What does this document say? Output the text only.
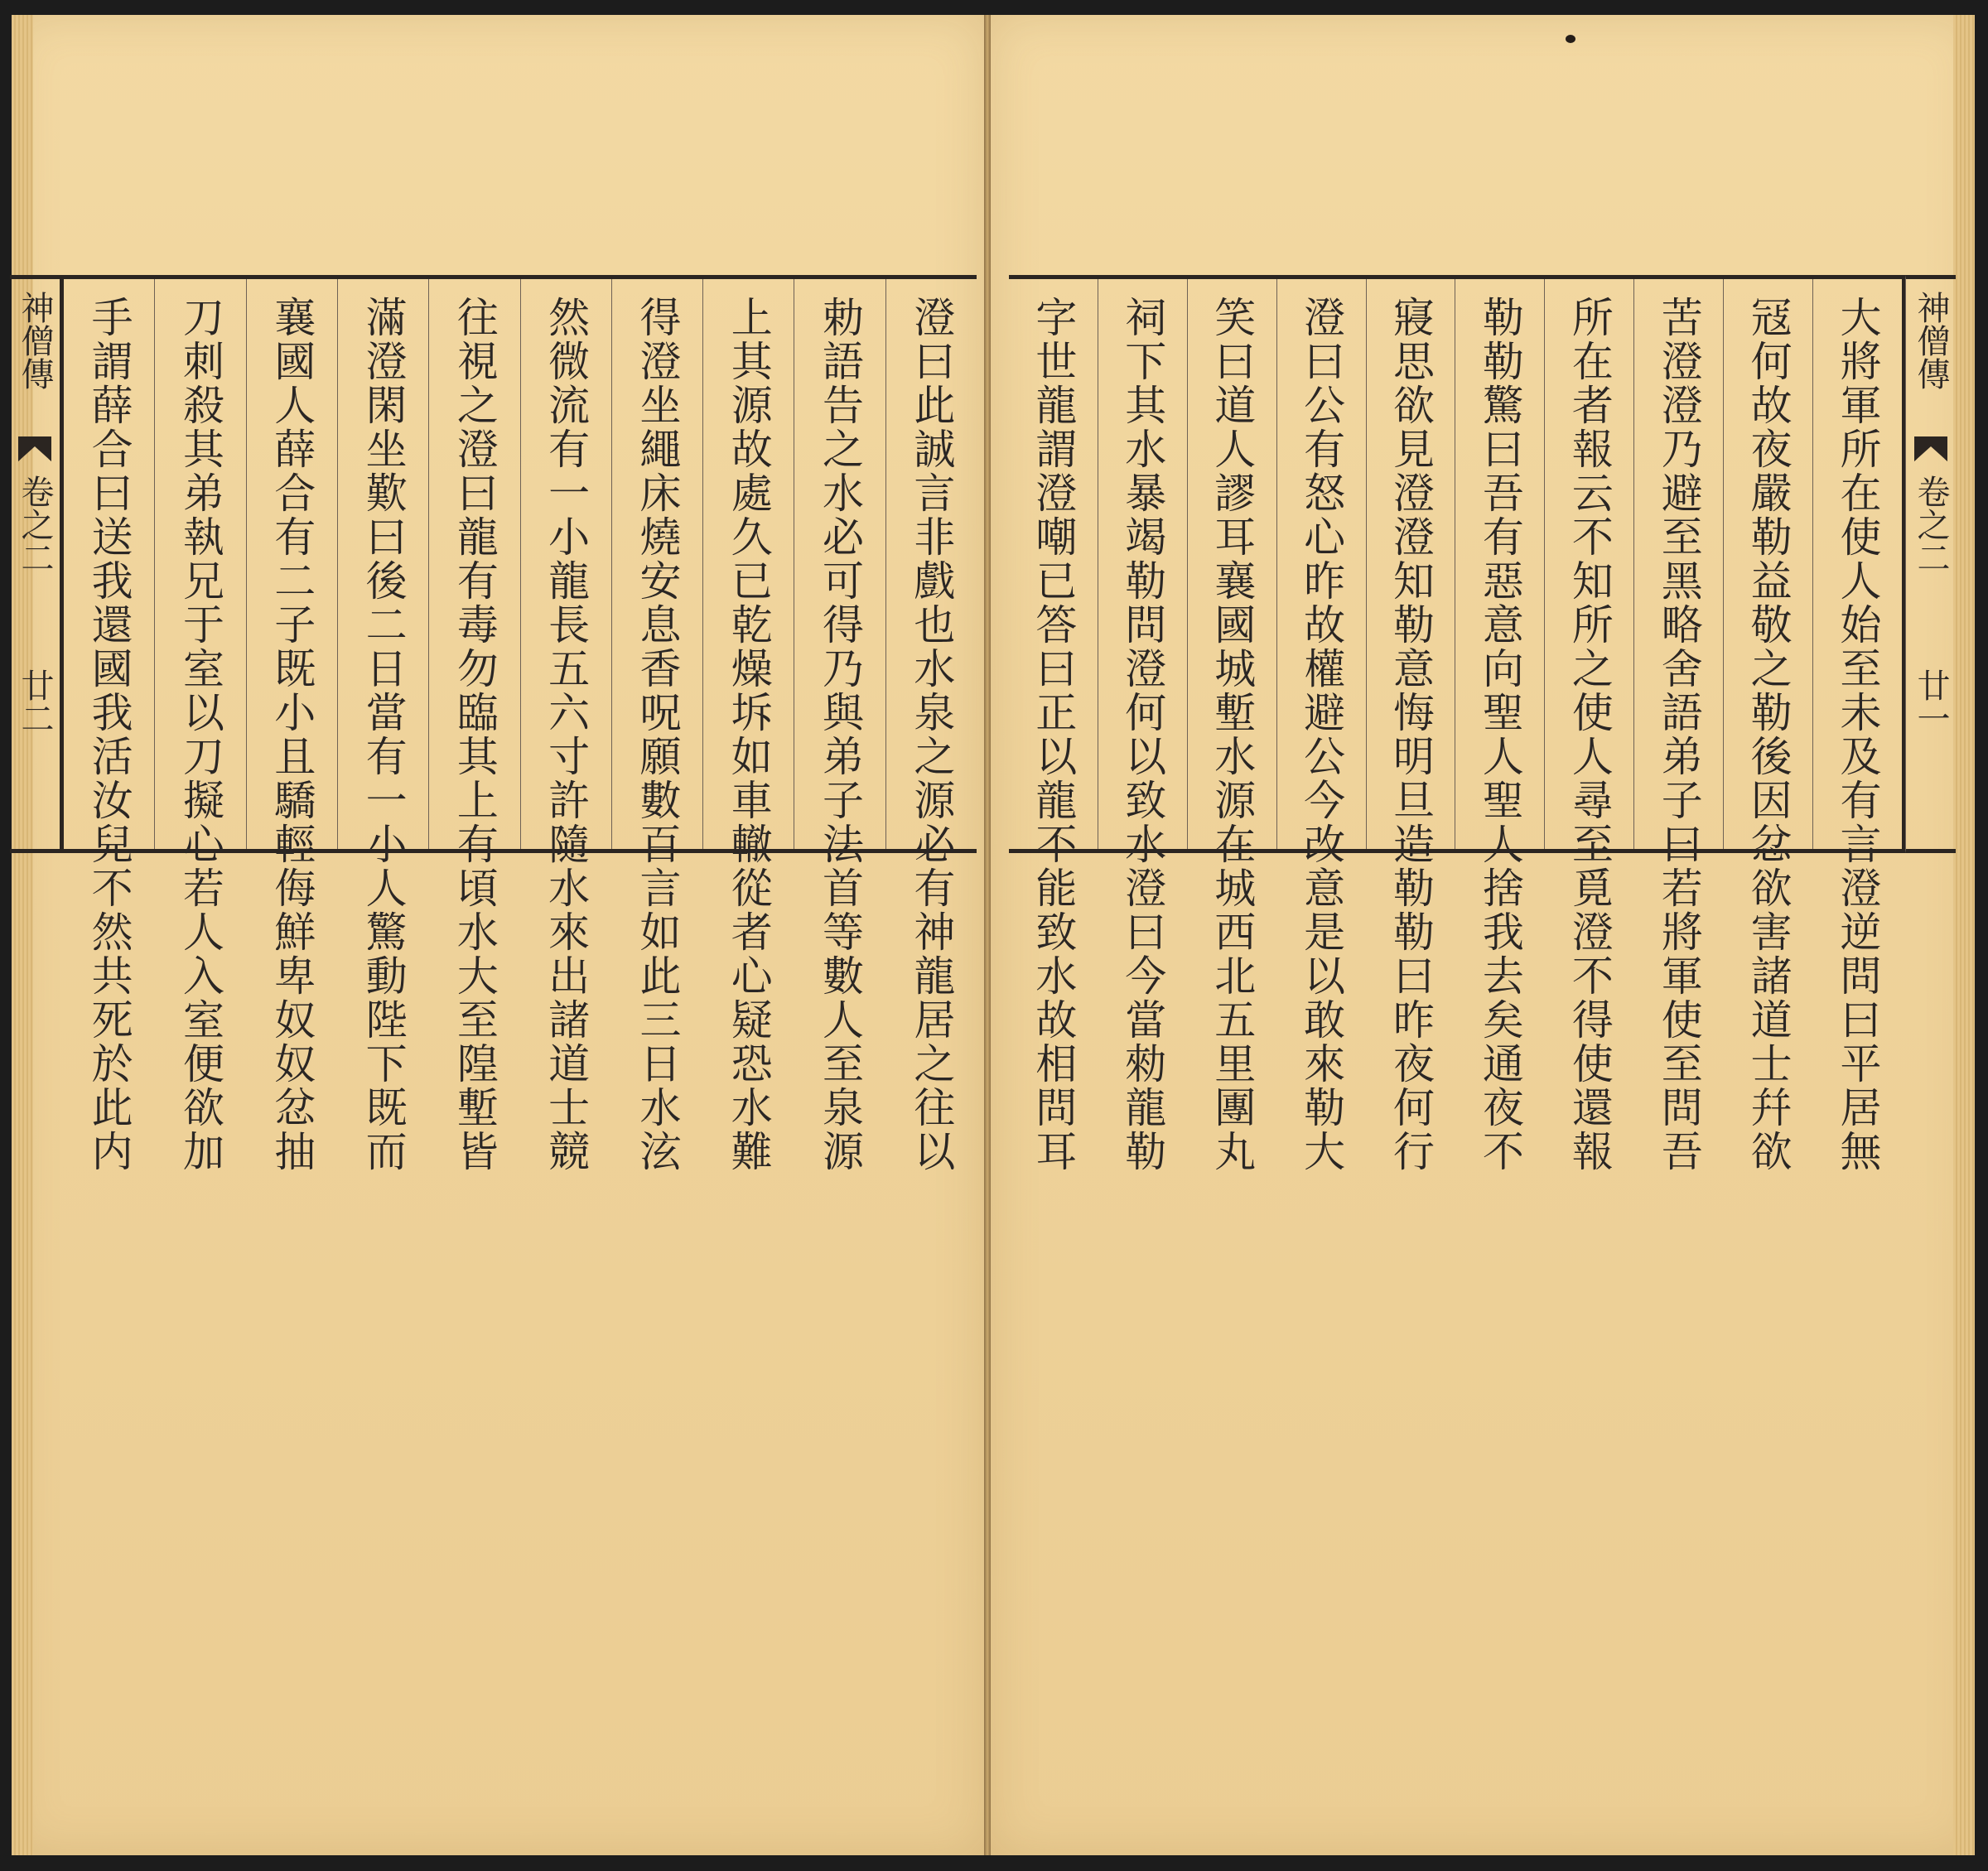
神僧傳
卷之二
廿二	澄曰此誠言非戲也水泉之源必有神龍居之往以
勅語告之水必可得乃與弟子法首等數人至泉源
上其源故處久已乾燥坼如車轍從者心疑恐水難
得澄坐繩床燒安息香呪願數百言如此三日水泫
然微流有一小龍長五六寸許隨水來出諸道士競
往視之澄曰龍有毒勿臨其上有頃水大至隍塹皆
滿澄閑坐歎曰後二日當有一小人驚動陛下既而
襄國人薛合有二子既小且驕輕侮鮮卑奴奴忿抽
刀刺殺其弟執兄于室以刀擬心若人入室便欲加
手謂薛合曰送我還國我活汝兒不然共死於此内	大將軍所在使人始至未及有言澄逆問曰平居無
冦何故夜嚴勒益敬之勒後因忿欲害諸道士幷欲
苦澄澄乃避至黑略舍語弟子曰若將軍使至問吾
所在者報云不知所之使人尋至覓澄不得使還報
勒勒驚曰吾有惡意向聖人聖人捨我去矣通夜不
寢思欲見澄澄知勒意悔明旦造勒勒曰昨夜何行
澄曰公有怒心昨故權避公今改意是以敢來勒大
笑曰道人謬耳襄國城塹水源在城西北五里團丸
祠下其水暴竭勒問澄何以致水澄曰今當勑龍勒
字世龍謂澄嘲已答曰正以龍不能致水故相問耳	神僧傳
卷之二
廿一
